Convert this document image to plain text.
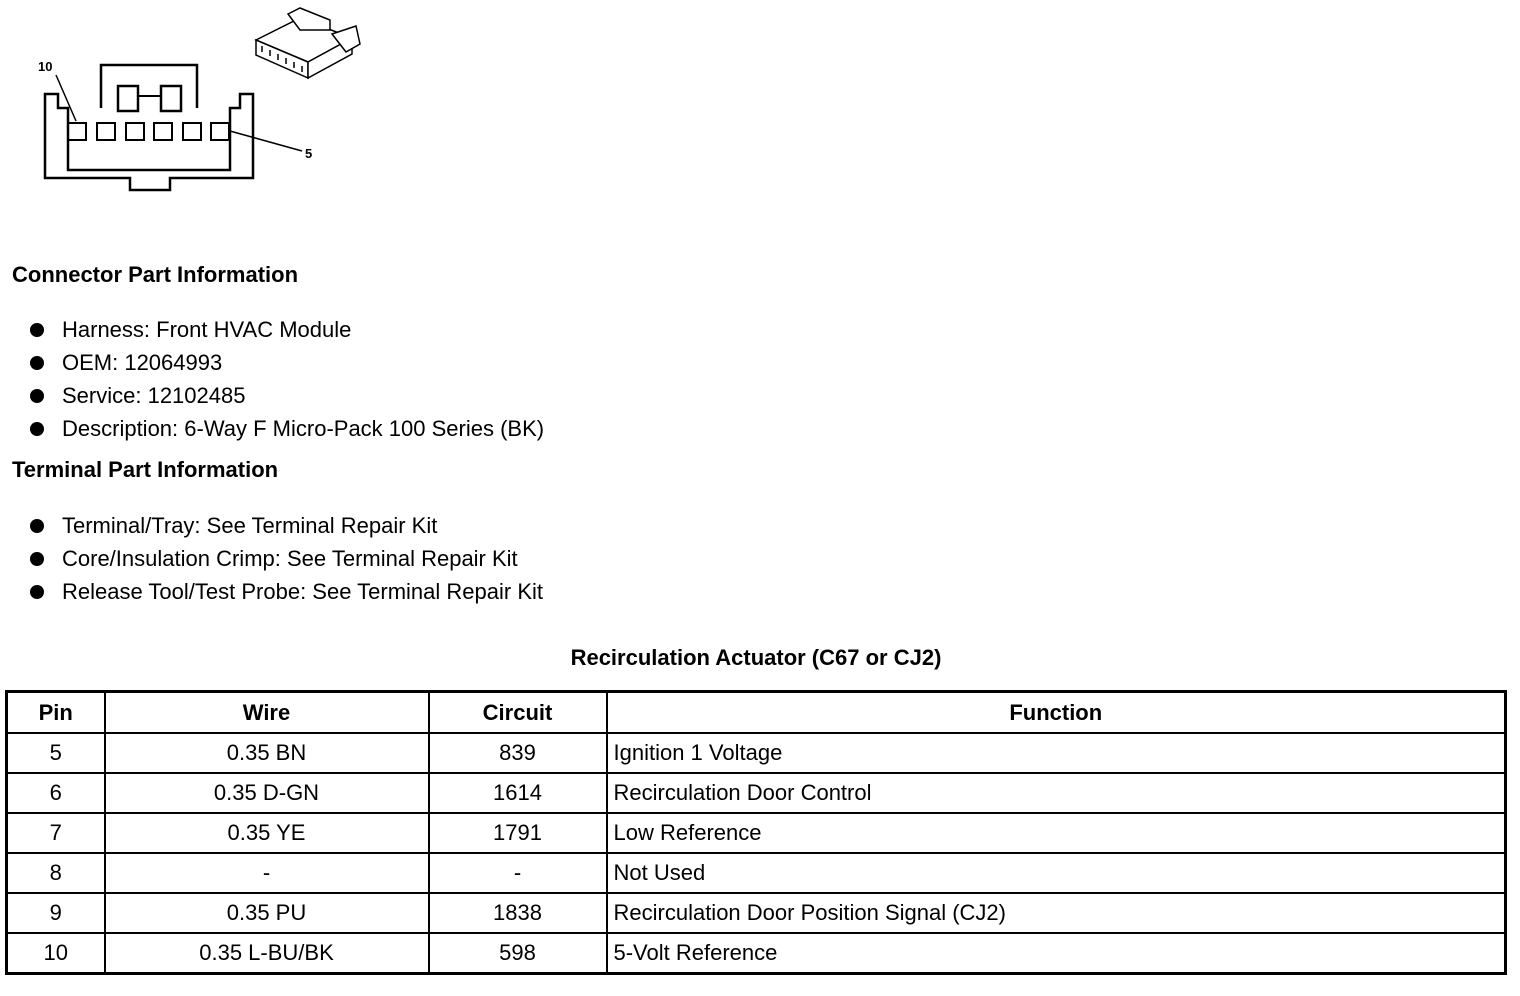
10
5
Connector Part Information
Harness: Front HVAC Module
OEM: 12064993
Service: 12102485
Description: 6-Way F Micro-Pack 100 Series (BK)
Terminal Part Information
Terminal/Tray: See Terminal Repair Kit
Core/Insulation Crimp: See Terminal Repair Kit
Release Tool/Test Probe: See Terminal Repair Kit
Recirculation Actuator (C67 or CJ2)
Pin	Wire	Circuit	Function
5	0.35 BN	839	Ignition 1 Voltage
6	0.35 D-GN	1614	Recirculation Door Control
7	0.35 YE	1791	Low Reference
8	-	-	Not Used
9	0.35 PU	1838	Recirculation Door Position Signal (CJ2)
10	0.35 L-BU/BK	598	5-Volt Reference
